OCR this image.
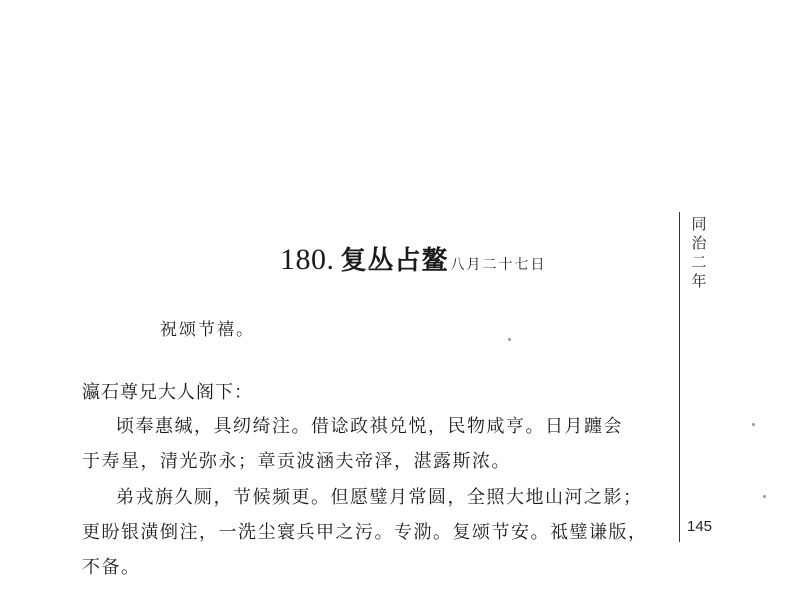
180. 复丛占鳌 八月二十七日
祝颂节禧。
瀛石尊兄大人阁下：
顷奉惠缄，具纫绮注。借谂政祺兑悦，民物咸亨。日月躔会
于寿星，清光弥永；章贡波涵夫帝泽，湛露斯浓。
弟戎旃久厕，节候频更。但愿璧月常圆，全照大地山河之影；
更盼银潢倒注，一洗尘寰兵甲之污。专泐。复颂节安。祗璧谦版，
不备。
同
治
二
年
145
